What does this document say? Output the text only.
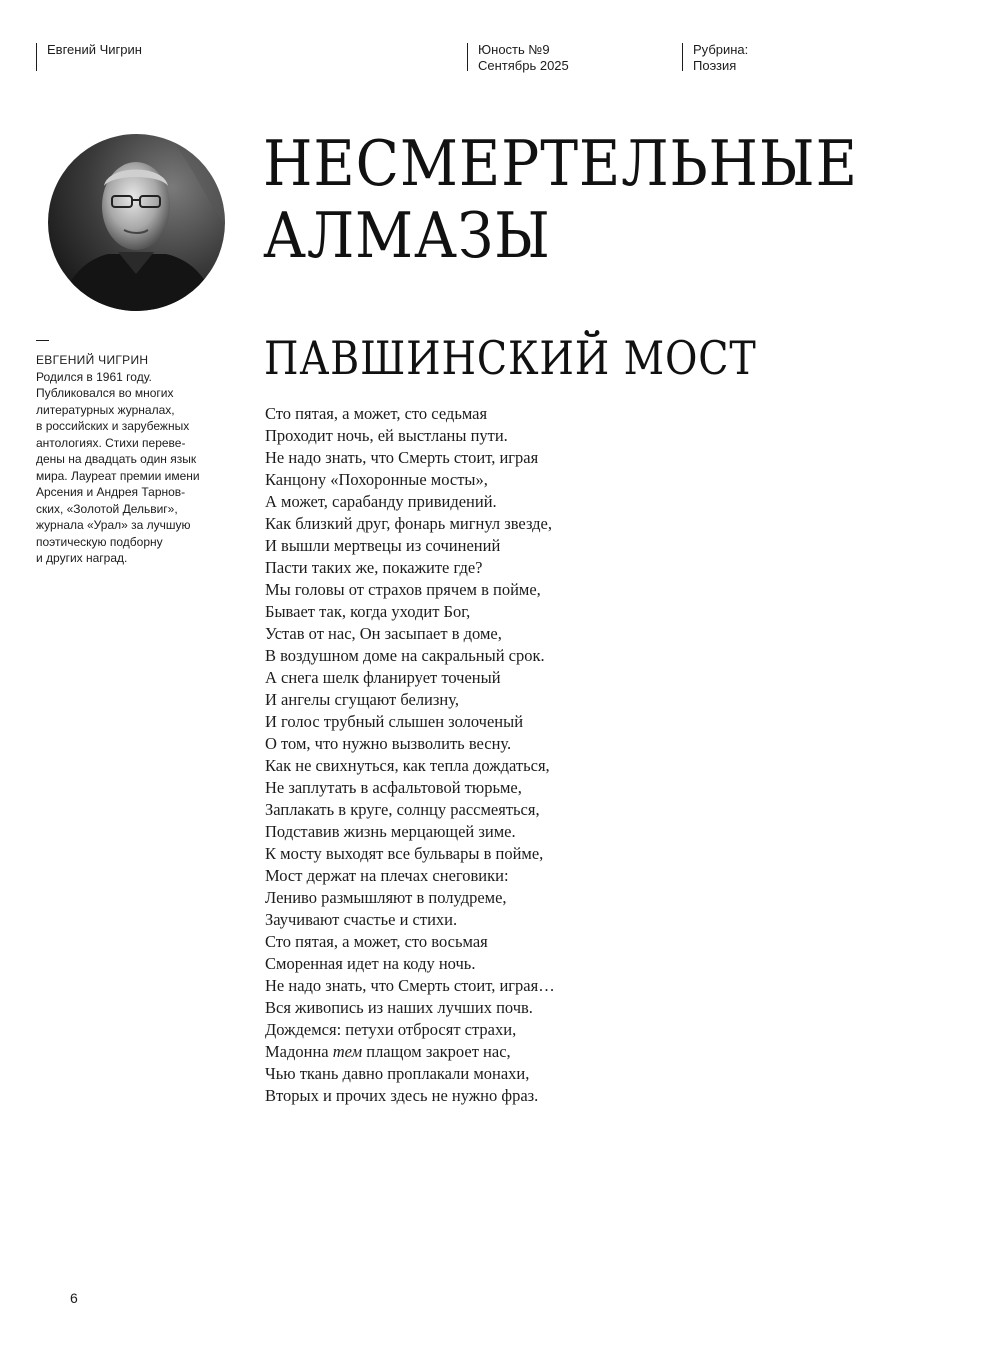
Евгений Чигрин	Юность №9
Сентябрь 2025
Рубрина:
Поэзия
ЕВГЕНИЙ ЧИГРИН
Родился в 1961 году.
Публиковался во многих
литературных журналах,
в российских и зарубежных
антологиях. Стихи переве-
дены на двадцать один язык
мира. Лауреат премии имени
Арсения и Андрея Тарнов-
ских, «Золотой Дельвиг»,
журнала «Урал» за лучшую
поэтическую подборну
и других наград.
НЕСМЕРТЕЛЬНЫЕ
АЛМАЗЫ
ПАВШИНСКИЙ МОСТ
Сто пятая, а может, сто седьмая
Проходит ночь, ей выстланы пути.
Не надо знать, что Смерть стоит, играя
Канцону «Похоронные мосты»,
А может, сарабанду привидений.
Как близкий друг, фонарь мигнул звезде,
И вышли мертвецы из сочинений
Пасти таких же, покажите где?
Мы головы от страхов прячем в пойме,
Бывает так, когда уходит Бог,
Устав от нас, Он засыпает в доме,
В воздушном доме на сакральный срок.
А снега шелк фланирует точеный
И ангелы сгущают белизну,
И голос трубный слышен золоченый
О том, что нужно вызволить весну.
Как не свихнуться, как тепла дождаться,
Не заплутать в асфальтовой тюрьме,
Заплакать в круге, солнцу рассмеяться,
Подставив жизнь мерцающей зиме.
К мосту выходят все бульвары в пойме,
Мост держат на плечах снеговики:
Лениво размышляют в полудреме,
Заучивают счастье и стихи.
Сто пятая, а может, сто восьмая
Сморенная идет на коду ночь.
Не надо знать, что Смерть стоит, играя…
Вся живопись из наших лучших почв.
Дождемся: петухи отбросят страхи,
Мадонна тем плащом закроет нас,
Чью ткань давно проплакали монахи,
Вторых и прочих здесь не нужно фраз.
6
